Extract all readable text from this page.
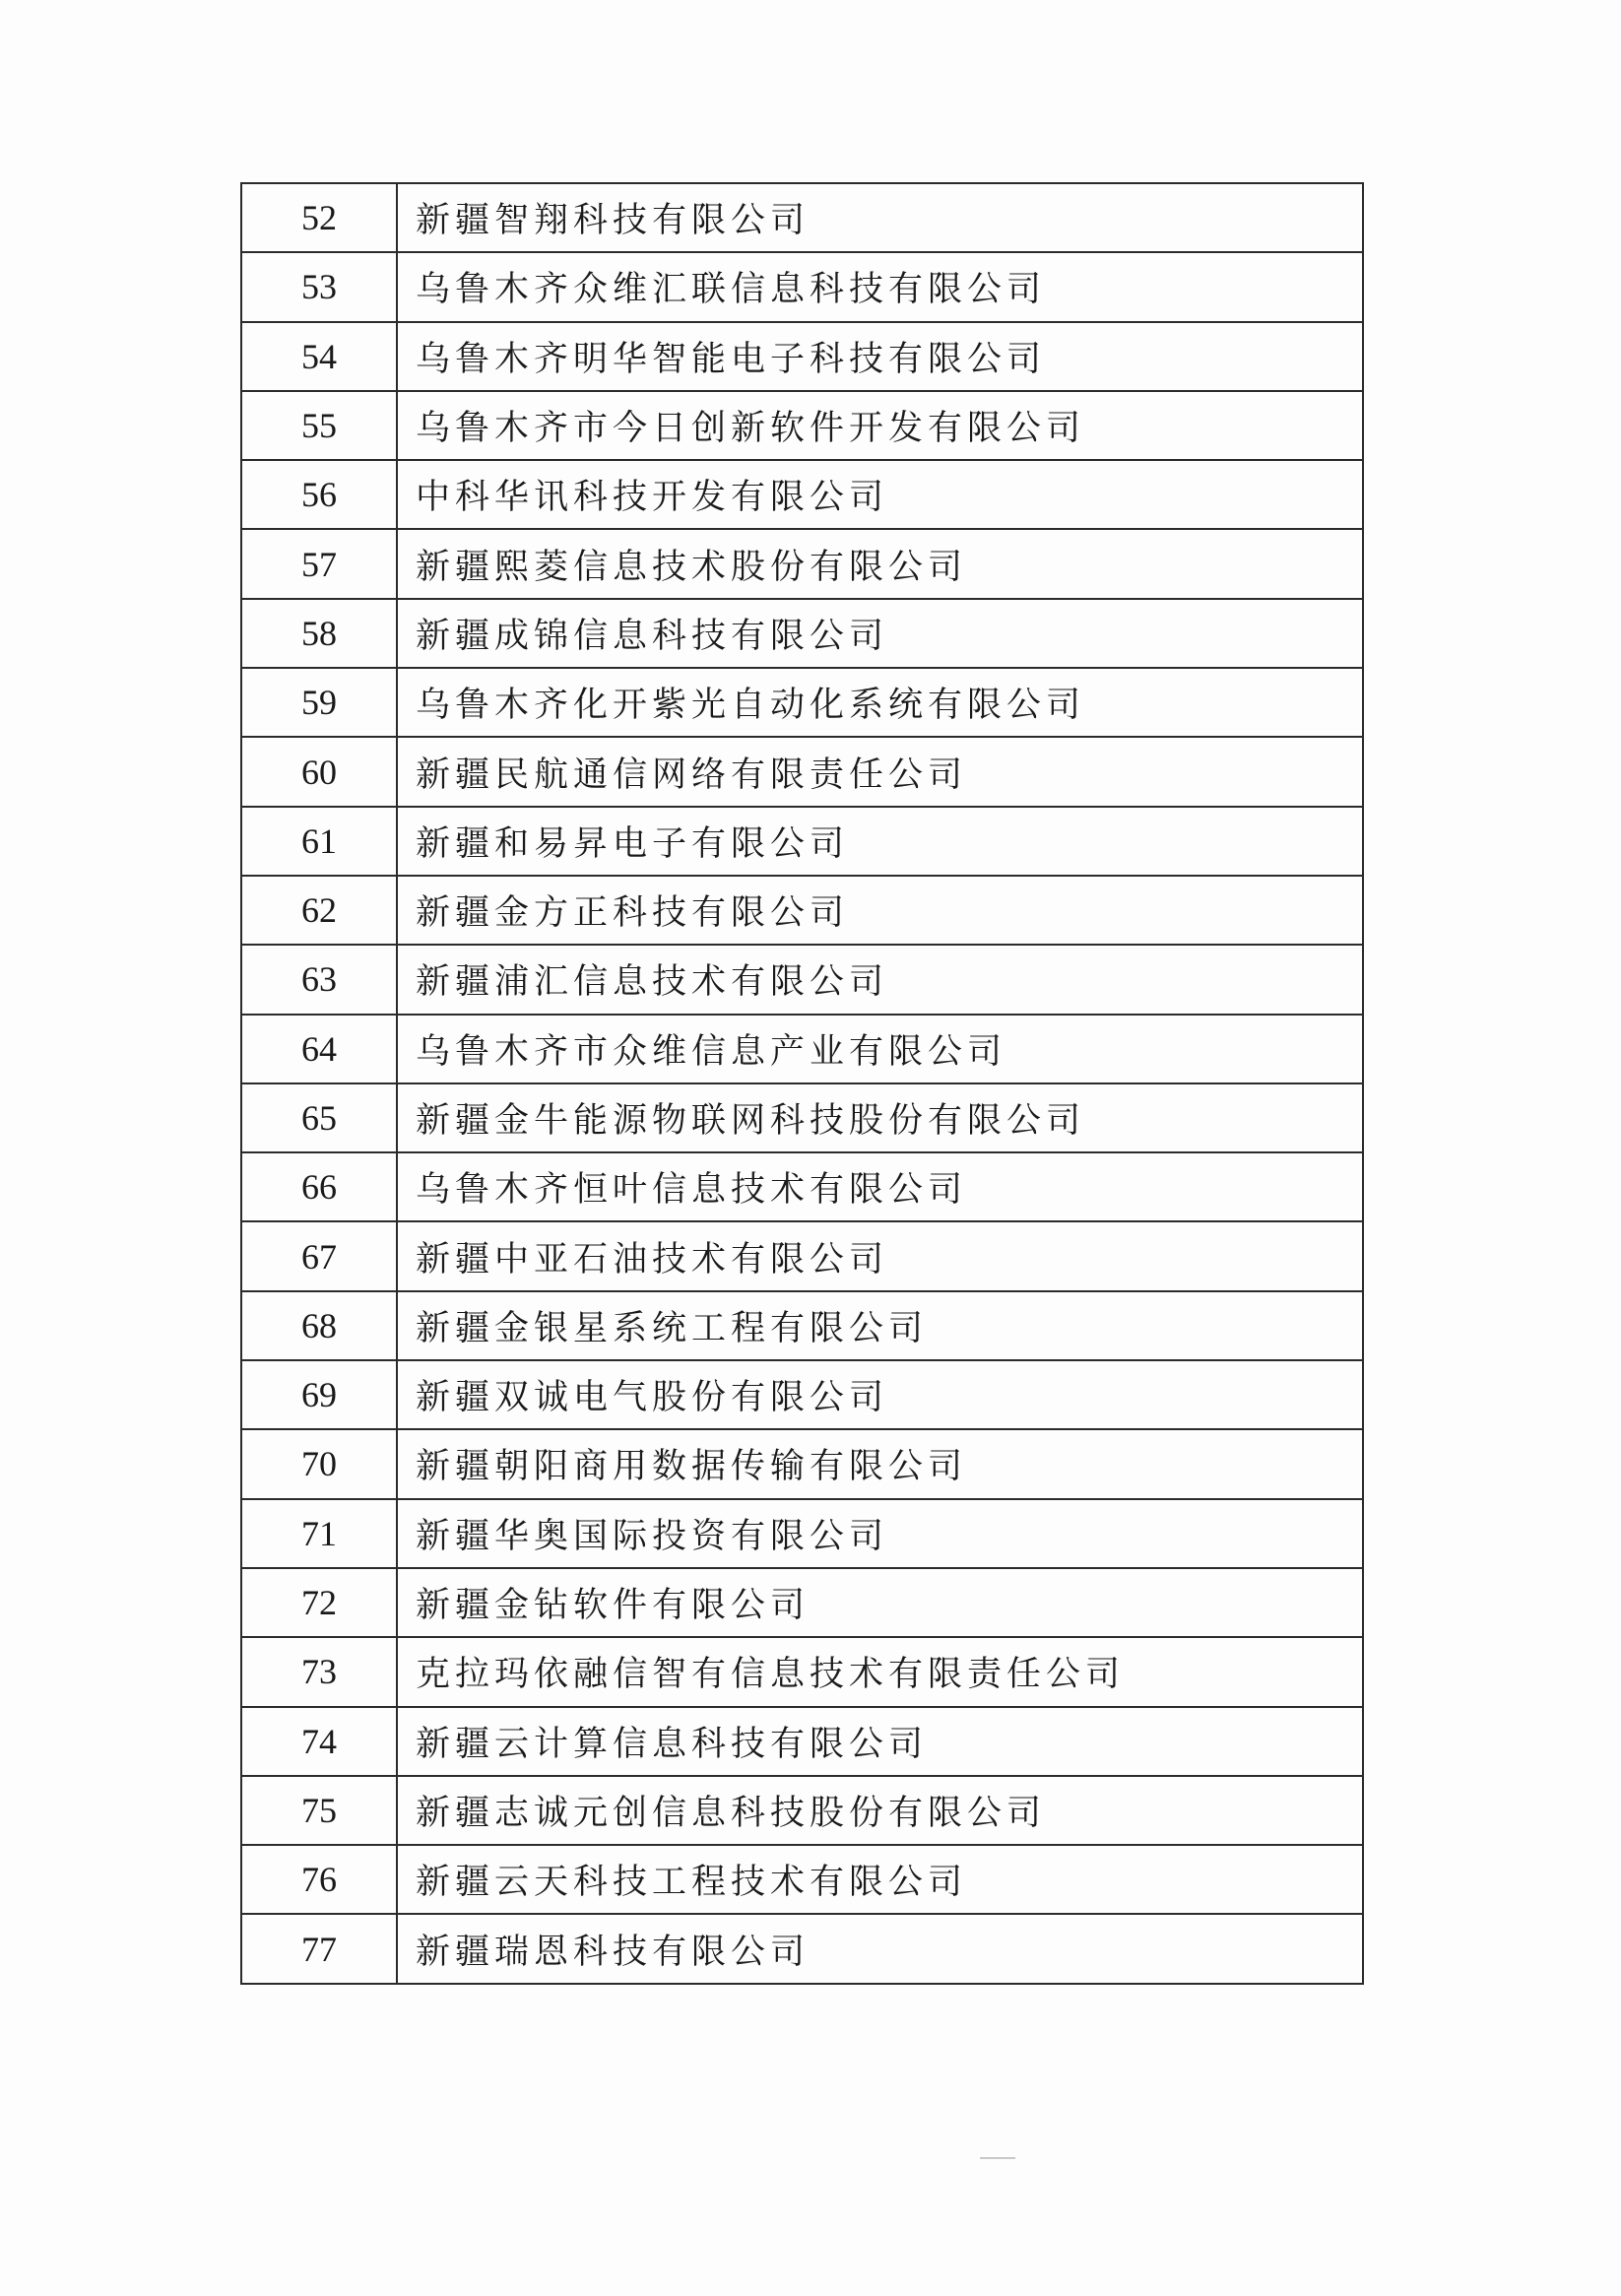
52	新疆智翔科技有限公司
53	乌鲁木齐众维汇联信息科技有限公司
54	乌鲁木齐明华智能电子科技有限公司
55	乌鲁木齐市今日创新软件开发有限公司
56	中科华讯科技开发有限公司
57	新疆熙菱信息技术股份有限公司
58	新疆成锦信息科技有限公司
59	乌鲁木齐化开紫光自动化系统有限公司
60	新疆民航通信网络有限责任公司
61	新疆和易昇电子有限公司
62	新疆金方正科技有限公司
63	新疆浦汇信息技术有限公司
64	乌鲁木齐市众维信息产业有限公司
65	新疆金牛能源物联网科技股份有限公司
66	乌鲁木齐恒叶信息技术有限公司
67	新疆中亚石油技术有限公司
68	新疆金银星系统工程有限公司
69	新疆双诚电气股份有限公司
70	新疆朝阳商用数据传输有限公司
71	新疆华奥国际投资有限公司
72	新疆金钻软件有限公司
73	克拉玛依融信智有信息技术有限责任公司
74	新疆云计算信息科技有限公司
75	新疆志诚元创信息科技股份有限公司
76	新疆云天科技工程技术有限公司
77	新疆瑞恩科技有限公司
